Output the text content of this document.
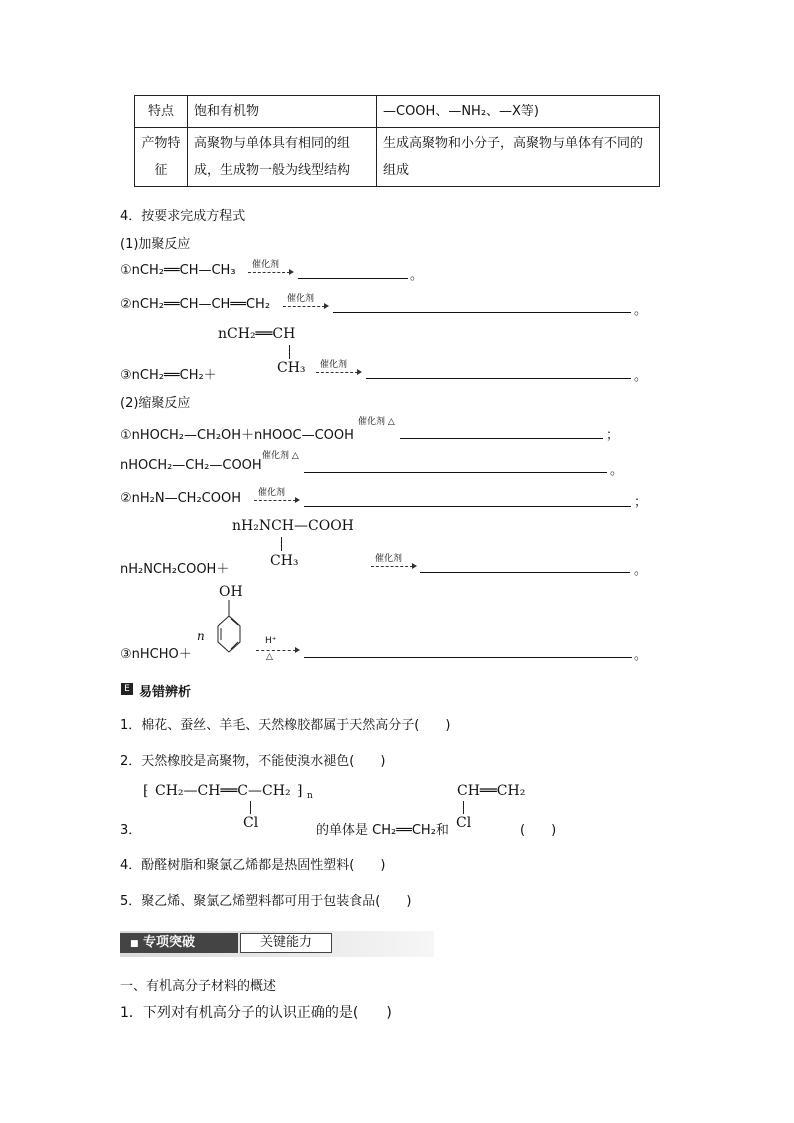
特点	饱和有机物	—COOH、—NH₂、—X等)
产物特征	高聚物与单体具有相同的组成，生成物一般为线型结构	生成高聚物和小分子，高聚物与单体有不同的组成
4．按要求完成方程式
(1)加聚反应
①nCH₂══CH—CH₃ 催化剂
。
②nCH₂══CH—CH══CH₂ 催化剂
。
nCH₂══CH
CH₃
③nCH₂══CH₂＋
催化剂
。
(2)缩聚反应
①nHOCH₂—CH₂OH＋nHOOC—COOH
催化剂 △
；
nHOCH₂—CH₂—COOH
催化剂 △
。
②nH₂N—CH₂COOH 催化剂
；
nH₂NCH—COOH
CH₃
nH₂NCH₂COOH＋
催化剂
。
OH
n
③nHCHO＋
H⁺
△	。
E 易错辨析
1．棉花、蚕丝、羊毛、天然橡胶都属于天然高分子(　　)
2．天然橡胶是高聚物，不能使溴水褪色(　　)
⁅ CH₂—CH══C—CH₂ ⁆ n
Cl
3．	的单体是 CH₂══CH₂和
CH══CH₂
Cl	(　　)
4．酚醛树脂和聚氯乙烯都是热固性塑料(　　)
5．聚乙烯、聚氯乙烯塑料都可用于包装食品(　　)
■ 专项突破	关键能力
一、有机高分子材料的概述
1．下列对有机高分子的认识正确的是(　　)
